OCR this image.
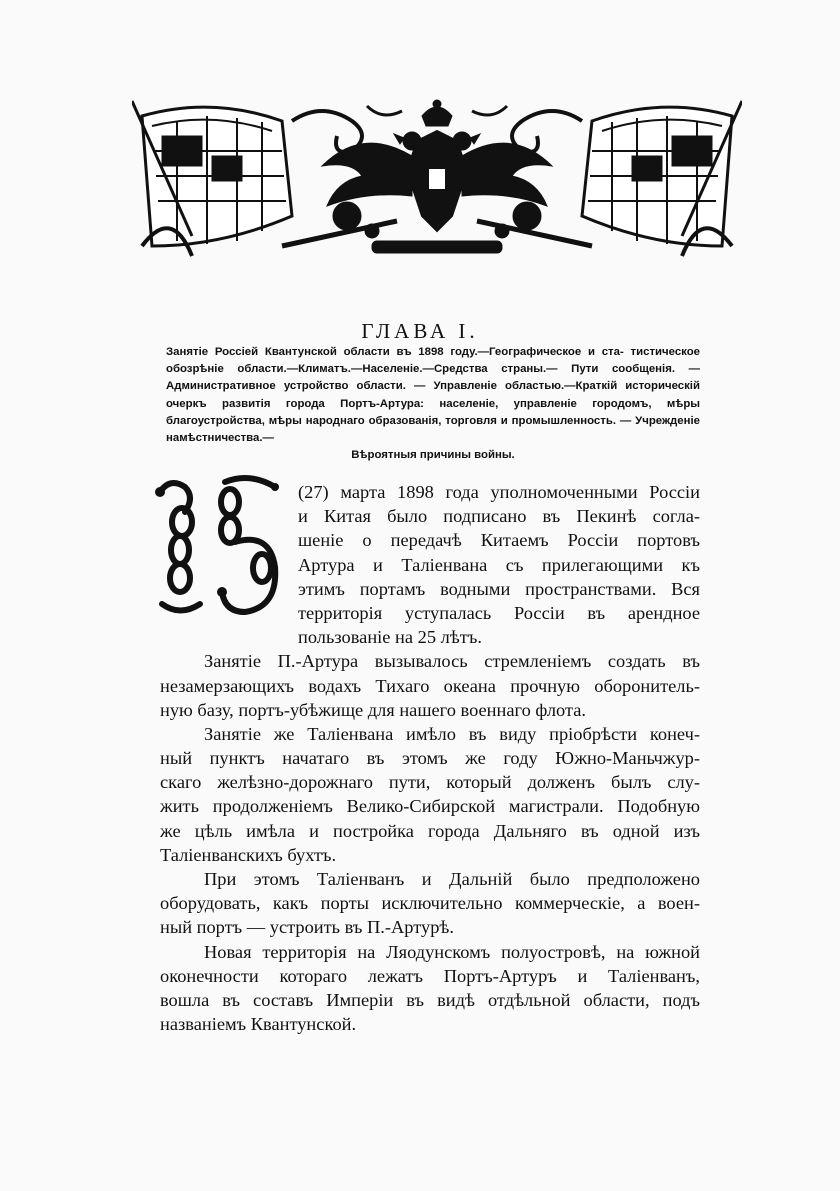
ГЛАВА I.
Занятіе Россіей Квантунской области въ 1898 году.—Географическое и ста- тистическое обозрѣніе области.—Климатъ.—Населеніе.—Средства страны.— Пути сообщенія. — Административное устройство области. — Управленіе областью.—Краткій историческій очеркъ развитія города Портъ-Артура: населеніе, управленіе городомъ, мѣры благоустройства, мѣры народнаго образованія, торговля и промышленность. — Учрежденіе намѣстничества.—
Вѣроятныя причины войны.
(27) марта 1898 года уполномоченными Россіи
и Китая было подписано въ Пекинѣ согла-
шеніе о передачѣ Китаемъ Россіи портовъ
Артура и Таліенвана съ прилегающими къ
этимъ портамъ водными пространствами. Вся
территорія уступалась Россіи въ арендное
пользованіе на 25 лѣтъ.
Занятіе П.-Артура вызывалось стремленіемъ создать въ
незамерзающихъ водахъ Тихаго океана прочную оборонитель-
ную базу, портъ-убѣжище для нашего военнаго флота.
Занятіе же Таліенвана имѣло въ виду пріобрѣсти конеч-
ный пунктъ начатаго въ этомъ же году Южно-Маньчжур-
скаго желѣзно-дорожнаго пути, который долженъ былъ слу-
жить продолженіемъ Велико-Сибирской магистрали. Подобную
же цѣль имѣла и постройка города Дальняго въ одной изъ
Таліенванскихъ бухтъ.
При этомъ Таліенванъ и Дальній было предположено
оборудовать, какъ порты исключительно коммерческіе, а воен-
ный портъ — устроить въ П.-Артурѣ.
Новая территорія на Ляодунскомъ полуостровѣ, на южной
оконечности котораго лежатъ Портъ-Артуръ и Таліенванъ,
вошла въ составъ Имперіи въ видѣ отдѣльной области, подъ
названіемъ Квантунской.
